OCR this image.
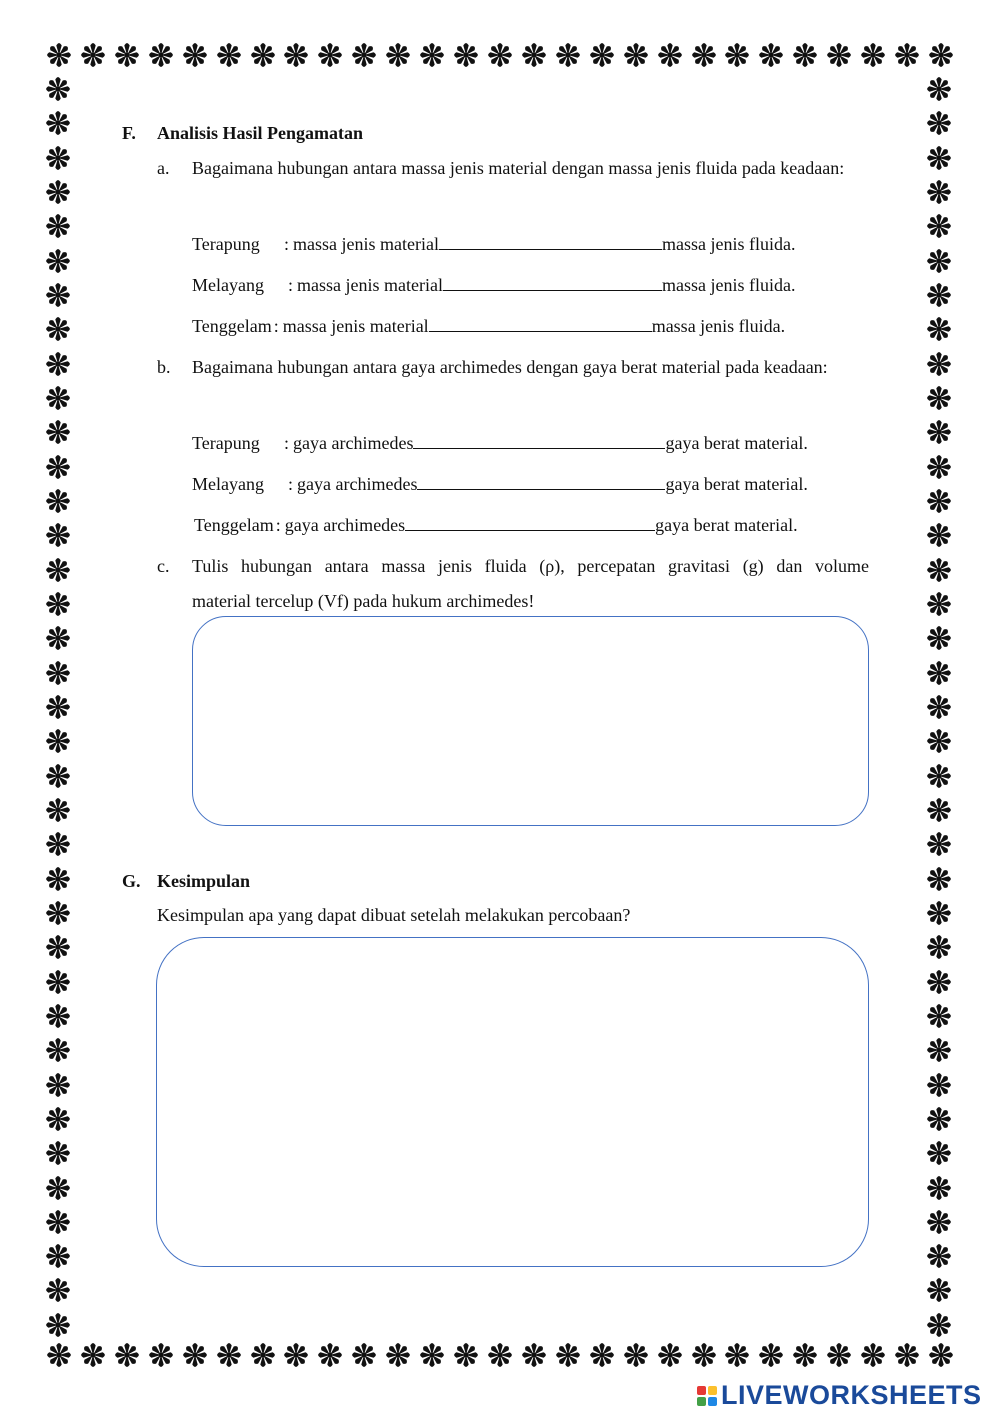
F. Analisis Hasil Pengamatan
a. Bagaimana hubungan antara massa jenis material dengan massa jenis fluida pada keadaan:
Terapung	: massa jenis material	massa jenis fluida.
Melayang	: massa jenis material	massa jenis fluida.
Tenggelam : massa jenis material	massa jenis fluida.
b. Bagaimana hubungan antara gaya archimedes dengan gaya berat material pada keadaan:
Terapung	: gaya archimedes	gaya berat material.
Melayang	: gaya archimedes	gaya berat material.
Tenggelam : gaya archimedes	gaya berat material.
c. Tulis hubungan antara massa jenis fluida (ρ), percepatan gravitasi (g) dan volume
material tercelup (Vf) pada hukum archimedes!
G. Kesimpulan
Kesimpulan apa yang dapat dibuat setelah melakukan percobaan?
LIVEWORKSHEETS
